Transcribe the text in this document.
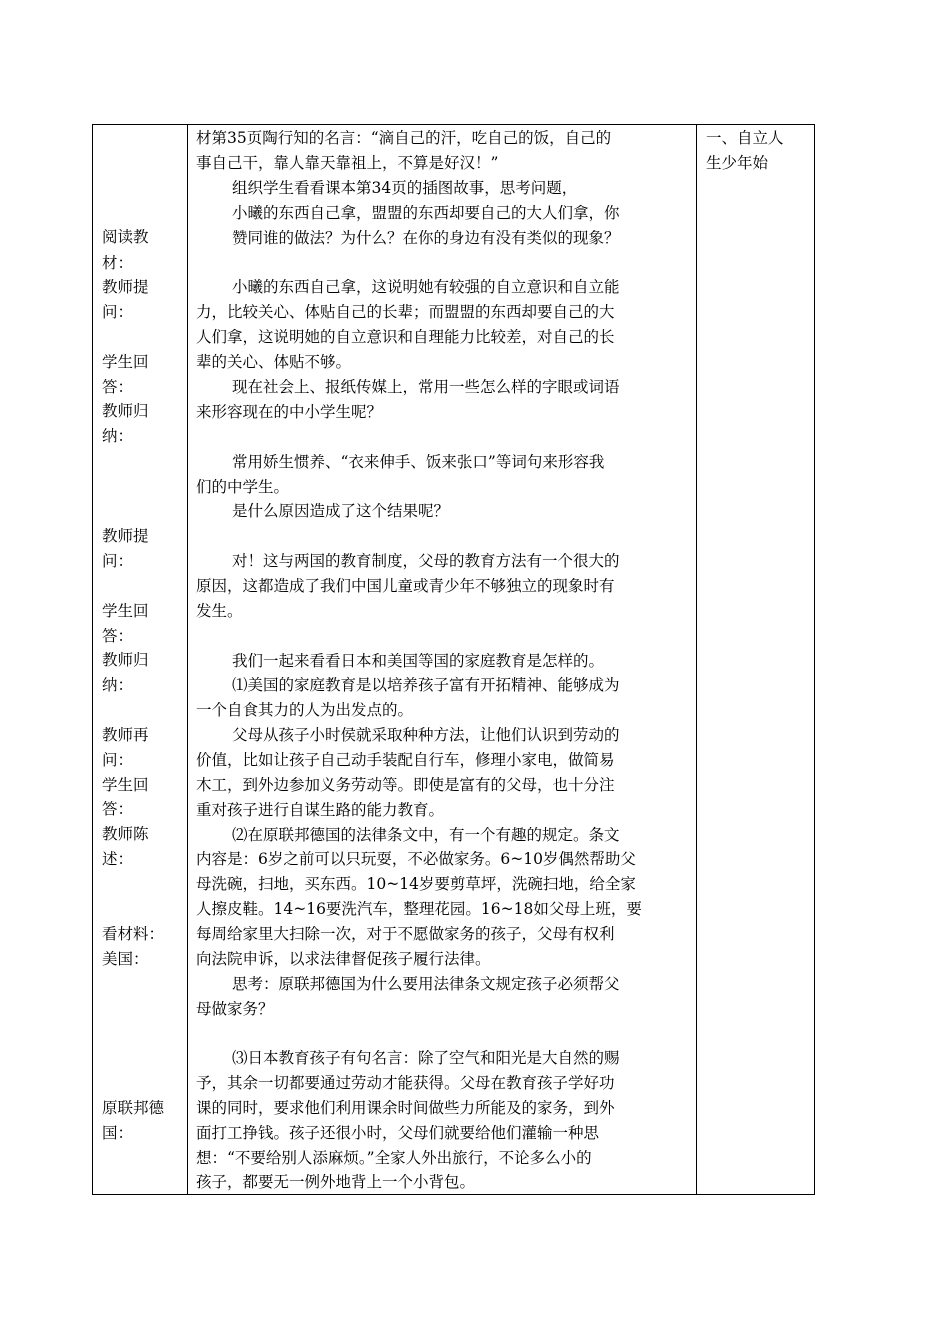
阅读教
材：
教师提
问：
学生回
答：
教师归
纳：
教师提
问：
学生回
答：
教师归
纳：
教师再
问：
学生回
答：
教师陈
述：
看材料：
美国：
原联邦德
国：
材第35页陶行知的名言：“滴自己的汗，吃自己的饭，自己的
事自己干，靠人靠天靠祖上，不算是好汉！”
组织学生看看课本第34页的插图故事，思考问题，
小曦的东西自己拿，盟盟的东西却要自己的大人们拿，你
赞同谁的做法？为什么？在你的身边有没有类似的现象？
小曦的东西自己拿，这说明她有较强的自立意识和自立能
力，比较关心、体贴自己的长辈；而盟盟的东西却要自己的大
人们拿，这说明她的自立意识和自理能力比较差，对自己的长
辈的关心、体贴不够。
现在社会上、报纸传媒上，常用一些怎么样的字眼或词语
来形容现在的中小学生呢？
常用娇生惯养、“衣来伸手、饭来张口”等词句来形容我
们的中学生。
是什么原因造成了这个结果呢？
对！这与两国的教育制度，父母的教育方法有一个很大的
原因，这都造成了我们中国儿童或青少年不够独立的现象时有
发生。
我们一起来看看日本和美国等国的家庭教育是怎样的。
⑴美国的家庭教育是以培养孩子富有开拓精神、能够成为
一个自食其力的人为出发点的。
父母从孩子小时侯就采取种种方法，让他们认识到劳动的
价值，比如让孩子自己动手装配自行车，修理小家电，做简易
木工，到外边参加义务劳动等。即使是富有的父母，也十分注
重对孩子进行自谋生路的能力教育。
⑵在原联邦德国的法律条文中，有一个有趣的规定。条文
内容是：6岁之前可以只玩耍，不必做家务。6~10岁偶然帮助父
母洗碗，扫地，买东西。10~14岁要剪草坪，洗碗扫地，给全家
人擦皮鞋。14~16要洗汽车，整理花园。16~18如父母上班，要
每周给家里大扫除一次，对于不愿做家务的孩子，父母有权利
向法院申诉，以求法律督促孩子履行法律。
思考：原联邦德国为什么要用法律条文规定孩子必须帮父
母做家务？
⑶日本教育孩子有句名言：除了空气和阳光是大自然的赐
予，其余一切都要通过劳动才能获得。父母在教育孩子学好功
课的同时，要求他们利用课余时间做些力所能及的家务，到外
面打工挣钱。孩子还很小时，父母们就要给他们灌输一种思
想：“不要给别人添麻烦。”全家人外出旅行，不论多么小的
孩子，都要无一例外地背上一个小背包。
一、自立人
生少年始
